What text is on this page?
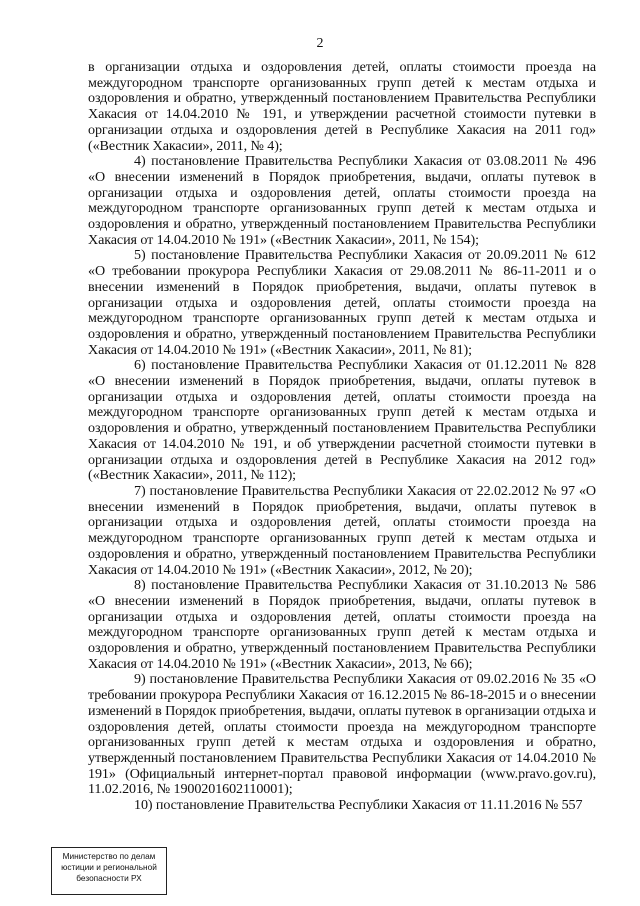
2

в организации отдыха и оздоровления детей, оплаты стоимости проезда на междугородном транспорте организованных групп детей к местам отдыха и оздоровления и обратно, утвержденный постановлением Правительства Республики Хакасия от 14.04.2010 № 191, и утверждении расчетной стоимости путевки в организации отдыха и оздоровления детей в Республике Хакасия на 2011 год» («Вестник Хакасии», 2011, № 4);

4) постановление Правительства Республики Хакасия от 03.08.2011 № 496 «О внесении изменений в Порядок приобретения, выдачи, оплаты путевок в организации отдыха и оздоровления детей, оплаты стоимости проезда на междугородном транспорте организованных групп детей к местам отдыха и оздоровления и обратно, утвержденный постановлением Правительства Республики Хакасия от 14.04.2010 № 191» («Вестник Хакасии», 2011, № 154);

5) постановление Правительства Республики Хакасия от 20.09.2011 № 612 «О требовании прокурора Республики Хакасия от 29.08.2011 № 86-11-2011 и о внесении изменений в Порядок приобретения, выдачи, оплаты путевок в организации отдыха и оздоровления детей, оплаты стоимости проезда на междугородном транспорте организованных групп детей к местам отдыха и оздоровления и обратно, утвержденный постановлением Правительства Республики Хакасия от 14.04.2010 № 191» («Вестник Хакасии», 2011, № 81);

6) постановление Правительства Республики Хакасия от 01.12.2011 № 828 «О внесении изменений в Порядок приобретения, выдачи, оплаты путевок в организации отдыха и оздоровления детей, оплаты стоимости проезда на междугородном транспорте организованных групп детей к местам отдыха и оздоровления и обратно, утвержденный постановлением Правительства Республики Хакасия от 14.04.2010 № 191, и об утверждении расчетной стоимости путевки в организации отдыха и оздоровления детей в Республике Хакасия на 2012 год» («Вестник Хакасии», 2011, № 112);

7) постановление Правительства Республики Хакасия от 22.02.2012 № 97 «О внесении изменений в Порядок приобретения, выдачи, оплаты путевок в организации отдыха и оздоровления детей, оплаты стоимости проезда на междугородном транспорте организованных групп детей к местам отдыха и оздоровления и обратно, утвержденный постановлением Правительства Республики Хакасия от 14.04.2010 № 191» («Вестник Хакасии», 2012, № 20);

8) постановление Правительства Республики Хакасия от 31.10.2013 № 586 «О внесении изменений в Порядок приобретения, выдачи, оплаты путевок в организации отдыха и оздоровления детей, оплаты стоимости проезда на междугородном транспорте организованных групп детей к местам отдыха и оздоровления и обратно, утвержденный постановлением Правительства Республики Хакасия от 14.04.2010 № 191» («Вестник Хакасии», 2013, № 66);

9) постановление Правительства Республики Хакасия от 09.02.2016 № 35 «О требовании прокурора Республики Хакасия от 16.12.2015 № 86-18-2015 и о внесении изменений в Порядок приобретения, выдачи, оплаты путевок в организации отдыха и оздоровления детей, оплаты стоимости проезда на междугородном транспорте организованных групп детей к местам отдыха и оздоровления и обратно, утвержденный постановлением Правительства Республики Хакасия от 14.04.2010 № 191» (Официальный интернет-портал правовой информации (www.pravo.gov.ru), 11.02.2016, № 1900201602110001);

10) постановление Правительства Республики Хакасия от 11.11.2016 № 557

Министерство по делам
юстиции и региональной
безопасности РХ
